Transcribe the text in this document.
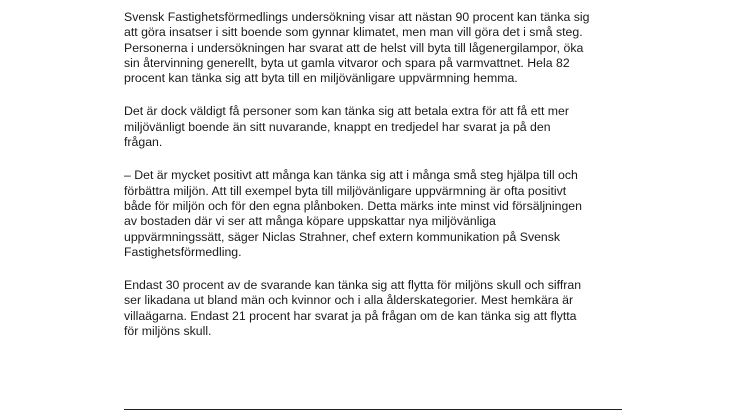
Svensk Fastighetsförmedlings undersökning visar att nästan 90 procent kan tänka sig
att göra insatser i sitt boende som gynnar klimatet, men man vill göra det i små steg.
Personerna i undersökningen har svarat att de helst vill byta till lågenergilampor, öka
sin återvinning generellt, byta ut gamla vitvaror och spara på varmvattnet. Hela 82
procent kan tänka sig att byta till en miljövänligare uppvärmning hemma.

Det är dock väldigt få personer som kan tänka sig att betala extra för att få ett mer
miljövänligt boende än sitt nuvarande, knappt en tredjedel har svarat ja på den
frågan.

– Det är mycket positivt att många kan tänka sig att i många små steg hjälpa till och
förbättra miljön. Att till exempel byta till miljövänligare uppvärmning är ofta positivt
både för miljön och för den egna plånboken. Detta märks inte minst vid försäljningen
av bostaden där vi ser att många köpare uppskattar nya miljövänliga
uppvärmningssätt, säger Niclas Strahner, chef extern kommunikation på Svensk
Fastighetsförmedling.

Endast 30 procent av de svarande kan tänka sig att flytta för miljöns skull och siffran
ser likadana ut bland män och kvinnor och i alla ålderskategorier. Mest hemkära är
villaägarna. Endast 21 procent har svarat ja på frågan om de kan tänka sig att flytta
för miljöns skull.
